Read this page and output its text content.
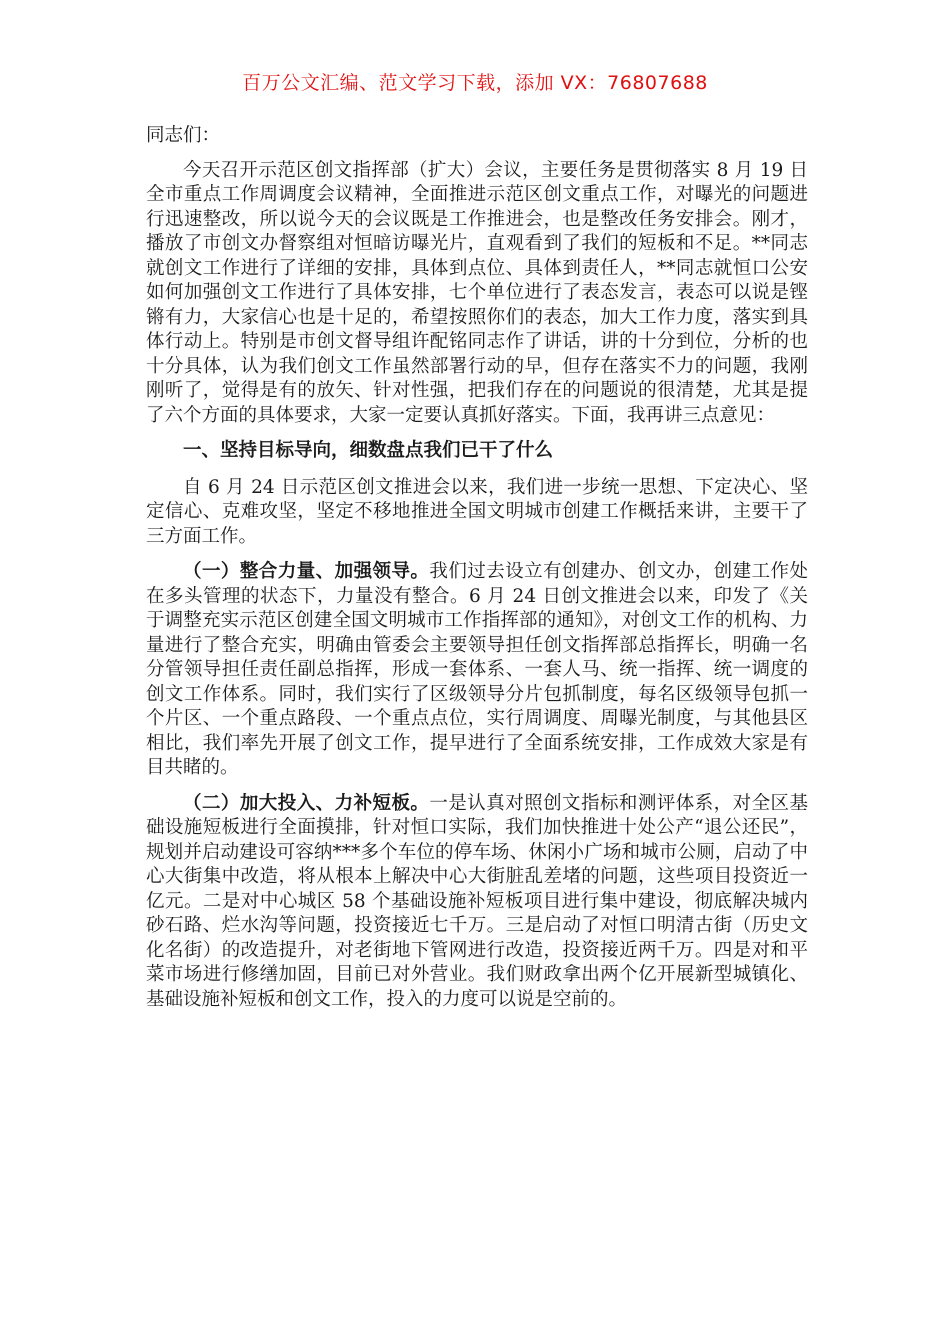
百万公文汇编、范文学习下载，添加 VX：76807688

同志们：

今天召开示范区创文指挥部（扩大）会议，主要任务是贯彻落实 8 月 19 日全市重点工作周调度会议精神，全面推进示范区创文重点工作，对曝光的问题进行迅速整改，所以说今天的会议既是工作推进会，也是整改任务安排会。刚才，播放了市创文办督察组对恒暗访曝光片，直观看到了我们的短板和不足。**同志就创文工作进行了详细的安排，具体到点位、具体到责任人，**同志就恒口公安如何加强创文工作进行了具体安排，七个单位进行了表态发言，表态可以说是铿锵有力，大家信心也是十足的，希望按照你们的表态，加大工作力度，落实到具体行动上。特别是市创文督导组许配铭同志作了讲话，讲的十分到位，分析的也十分具体，认为我们创文工作虽然部署行动的早，但存在落实不力的问题，我刚刚听了，觉得是有的放矢、针对性强，把我们存在的问题说的很清楚，尤其是提了六个方面的具体要求，大家一定要认真抓好落实。下面，我再讲三点意见：

一、坚持目标导向，细数盘点我们已干了什么

自 6 月 24 日示范区创文推进会以来，我们进一步统一思想、下定决心、坚定信心、克难攻坚，坚定不移地推进全国文明城市创建工作概括来讲，主要干了三方面工作。

（一）整合力量、加强领导。我们过去设立有创建办、创文办，创建工作处在多头管理的状态下，力量没有整合。6 月 24 日创文推进会以来，印发了《关于调整充实示范区创建全国文明城市工作指挥部的通知》，对创文工作的机构、力量进行了整合充实，明确由管委会主要领导担任创文指挥部总指挥长，明确一名分管领导担任责任副总指挥，形成一套体系、一套人马、统一指挥、统一调度的创文工作体系。同时，我们实行了区级领导分片包抓制度，每名区级领导包抓一个片区、一个重点路段、一个重点点位，实行周调度、周曝光制度，与其他县区相比，我们率先开展了创文工作，提早进行了全面系统安排，工作成效大家是有目共睹的。

（二）加大投入、力补短板。一是认真对照创文指标和测评体系，对全区基础设施短板进行全面摸排，针对恒口实际，我们加快推进十处公产“退公还民”，规划并启动建设可容纳***多个车位的停车场、休闲小广场和城市公厕，启动了中心大街集中改造，将从根本上解决中心大街脏乱差堵的问题，这些项目投资近一亿元。二是对中心城区 58 个基础设施补短板项目进行集中建设，彻底解决城内砂石路、烂水沟等问题，投资接近七千万。三是启动了对恒口明清古街（历史文化名街）的改造提升，对老街地下管网进行改造，投资接近两千万。四是对和平菜市场进行修缮加固，目前已对外营业。我们财政拿出两个亿开展新型城镇化、基础设施补短板和创文工作，投入的力度可以说是空前的。
